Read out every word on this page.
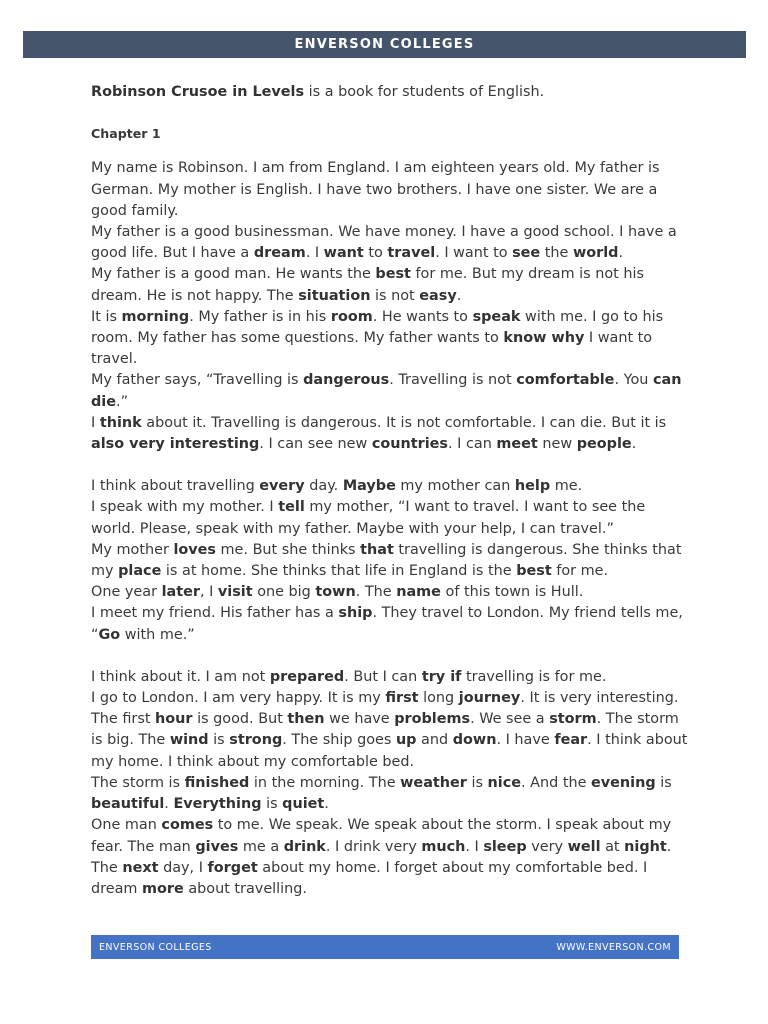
ENVERSON COLLEGES

Robinson Crusoe in Levels is a book for students of English.

Chapter 1

My name is Robinson. I am from England. I am eighteen years old. My father is German. My mother is English. I have two brothers. I have one sister. We are a good family.

My father is a good businessman. We have money. I have a good school. I have a good life. But I have a dream. I want to travel. I want to see the world.

My father is a good man. He wants the best for me. But my dream is not his dream. He is not happy. The situation is not easy.

It is morning. My father is in his room. He wants to speak with me. I go to his room. My father has some questions. My father wants to know why I want to travel.

My father says, “Travelling is dangerous. Travelling is not comfortable. You can die.”

I think about it. Travelling is dangerous. It is not comfortable. I can die. But it is also very interesting. I can see new countries. I can meet new people.

I think about travelling every day. Maybe my mother can help me.

I speak with my mother. I tell my mother, “I want to travel. I want to see the world. Please, speak with my father. Maybe with your help, I can travel.”

My mother loves me. But she thinks that travelling is dangerous. She thinks that my place is at home. She thinks that life in England is the best for me.

One year later, I visit one big town. The name of this town is Hull.

I meet my friend. His father has a ship. They travel to London. My friend tells me, “Go with me.”

I think about it. I am not prepared. But I can try if travelling is for me.

I go to London. I am very happy. It is my first long journey. It is very interesting. The first hour is good. But then we have problems. We see a storm. The storm is big. The wind is strong. The ship goes up and down. I have fear. I think about my home. I think about my comfortable bed.

The storm is finished in the morning. The weather is nice. And the evening is beautiful. Everything is quiet.

One man comes to me. We speak. We speak about the storm. I speak about my fear. The man gives me a drink. I drink very much. I sleep very well at night.

The next day, I forget about my home. I forget about my comfortable bed. I dream more about travelling.

ENVERSON COLLEGES	WWW.ENVERSON.COM
